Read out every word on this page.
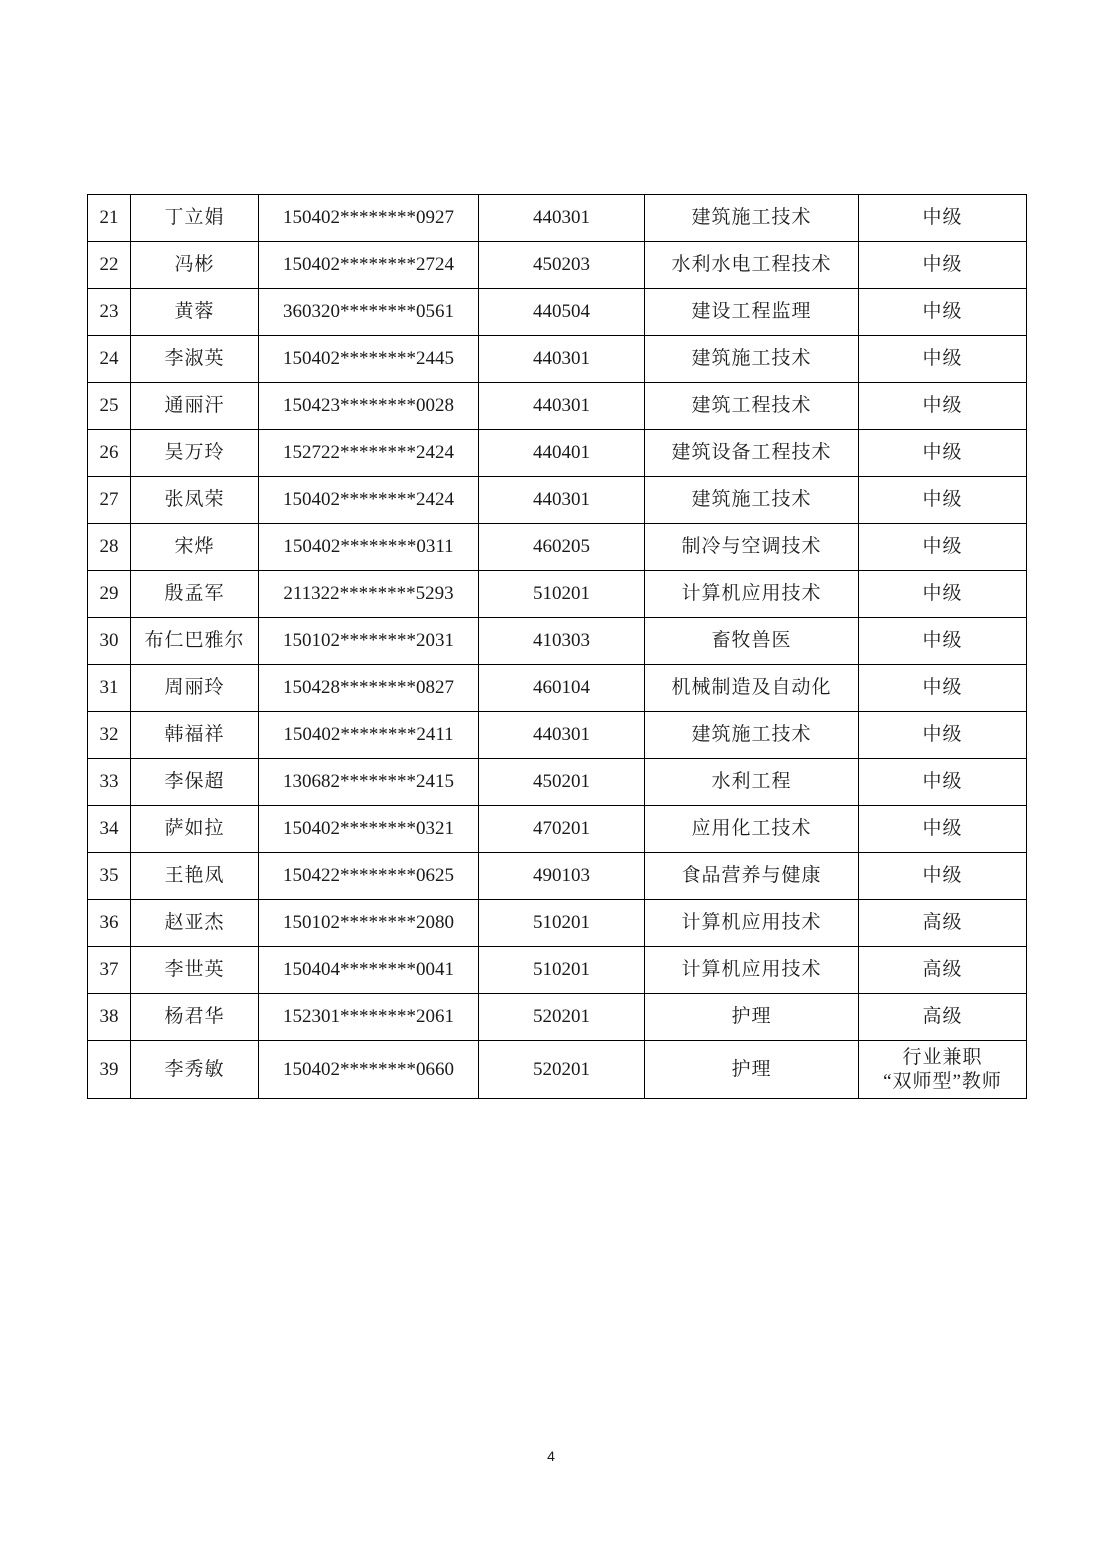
21	丁立娟	150402********0927	440301	建筑施工技术	中级
22	冯彬	150402********2724	450203	水利水电工程技术	中级
23	黄蓉	360320********0561	440504	建设工程监理	中级
24	李淑英	150402********2445	440301	建筑施工技术	中级
25	通丽汗	150423********0028	440301	建筑工程技术	中级
26	吴万玲	152722********2424	440401	建筑设备工程技术	中级
27	张凤荣	150402********2424	440301	建筑施工技术	中级
28	宋烨	150402********0311	460205	制冷与空调技术	中级
29	殷孟军	211322********5293	510201	计算机应用技术	中级
30	布仁巴雅尔	150102********2031	410303	畜牧兽医	中级
31	周丽玲	150428********0827	460104	机械制造及自动化	中级
32	韩福祥	150402********2411	440301	建筑施工技术	中级
33	李保超	130682********2415	450201	水利工程	中级
34	萨如拉	150402********0321	470201	应用化工技术	中级
35	王艳凤	150422********0625	490103	食品营养与健康	中级
36	赵亚杰	150102********2080	510201	计算机应用技术	高级
37	李世英	150404********0041	510201	计算机应用技术	高级
38	杨君华	152301********2061	520201	护理	高级
39	李秀敏	150402********0660	520201	护理	行业兼职
“双师型”教师
4
